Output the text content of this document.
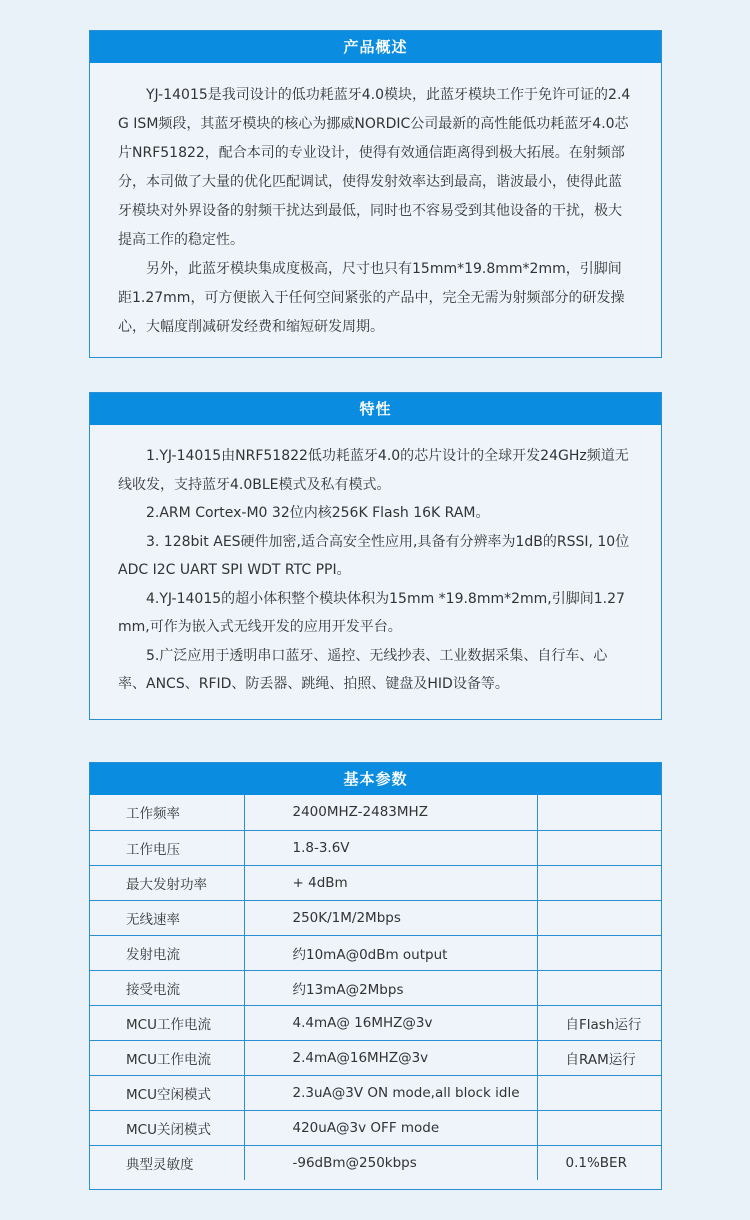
产品概述

YJ-14015是我司设计的低功耗蓝牙4.0模块，此蓝牙模块工作于免许可证的2.4G ISM频段，其蓝牙模块的核心为挪威NORDIC公司最新的高性能低功耗蓝牙4.0芯片NRF51822，配合本司的专业设计，使得有效通信距离得到极大拓展。在射频部分，本司做了大量的优化匹配调试，使得发射效率达到最高，谐波最小，使得此蓝牙模块对外界设备的射频干扰达到最低，同时也不容易受到其他设备的干扰，极大提高工作的稳定性。

另外，此蓝牙模块集成度极高，尺寸也只有15mm*19.8mm*2mm，引脚间距1.27mm，可方便嵌入于任何空间紧张的产品中，完全无需为射频部分的研发操心，大幅度削减研发经费和缩短研发周期。

特性

1.YJ-14015由NRF51822低功耗蓝牙4.0的芯片设计的全球开发24GHz频道无线收发，支持蓝牙4.0BLE模式及私有模式。

2.ARM Cortex-M0 32位内核256K Flash 16K RAM。

3. 128bit AES硬件加密,适合高安全性应用,具备有分辨率为1dB的RSSI, 10位ADC I2C UART SPI WDT RTC PPI。

4.YJ-14015的超小体积整个模块体积为15mm *19.8mm*2mm,引脚间1.27mm,可作为嵌入式无线开发的应用开发平台。

5.广泛应用于透明串口蓝牙、遥控、无线抄表、工业数据采集、自行车、心率、ANCS、RFID、防丢器、跳绳、拍照、键盘及HID设备等。

基本参数
工作频率	2400MHZ-2483MHZ	
工作电压	1.8-3.6V	
最大发射功率	+ 4dBm	
无线速率	250K/1M/2Mbps	
发射电流	约10mA@0dBm output	
接受电流	约13mA@2Mbps	
MCU工作电流	4.4mA@ 16MHZ@3v	自Flash运行
MCU工作电流	2.4mA@16MHZ@3v	自RAM运行
MCU空闲模式	2.3uA@3V ON mode,all block idle	
MCU关闭模式	420uA@3v OFF mode	
典型灵敏度	-96dBm@250kbps	0.1%BER
